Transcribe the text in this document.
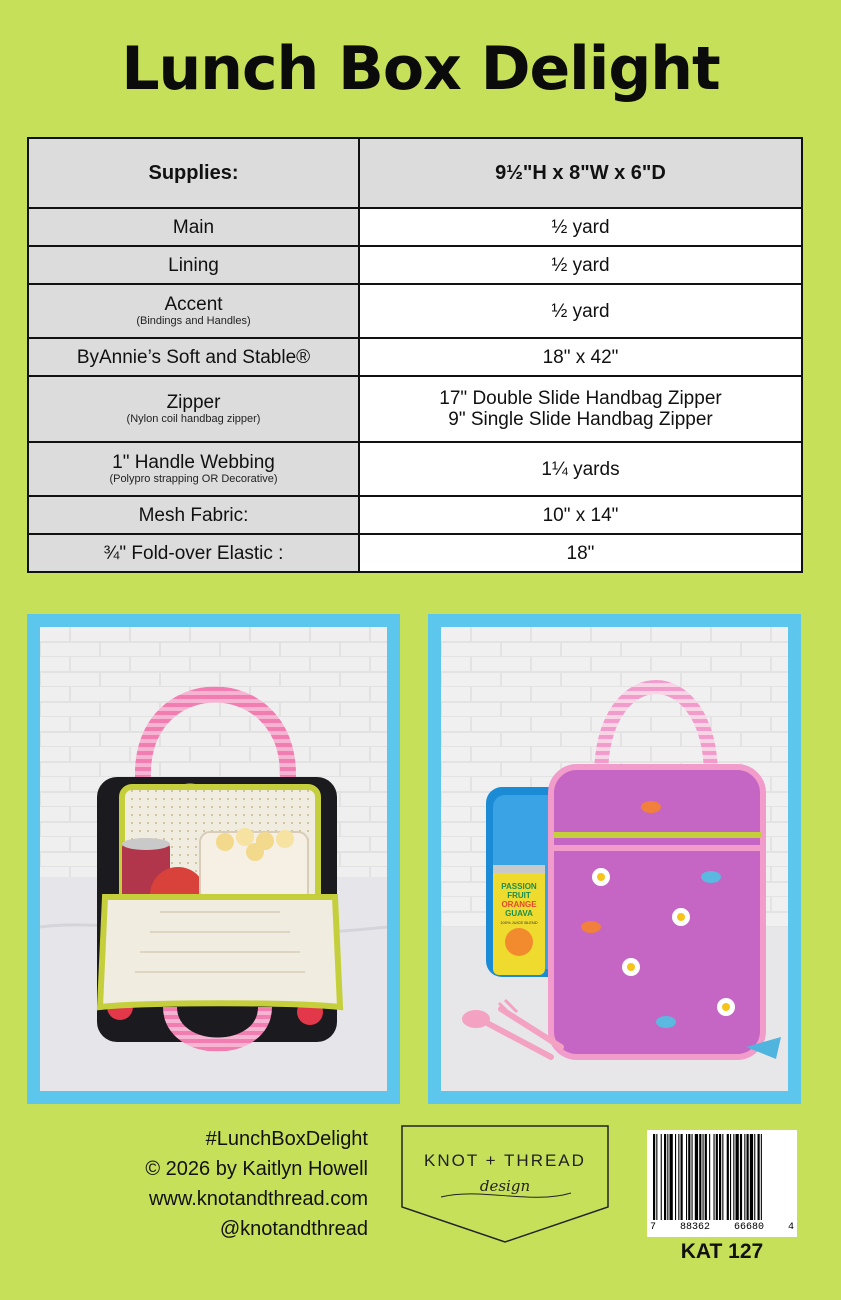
Lunch Box Delight
Supplies:	9½"H x 8"W x 6"D

Main	½ yard

Lining	½ yard

Accent
(Bindings and Handles)	½ yard

ByAnnie’s Soft and Stable®	18" x 42"

Zipper
(Nylon coil handbag zipper)	17" Double Slide Handbag Zipper
9" Single Slide Handbag Zipper

1" Handle Webbing
(Polypro strapping OR Decorative)	1¼ yards

Mesh Fabric:	10" x 14"

¾" Fold-over Elastic :	18"
PASSION
FRUIT
ORANGE
GUAVA
100% JUICE BLEND
#LunchBoxDelight
© 2026 by Kaitlyn Howell
www.knotandthread.com
@knotandthread
KNOT + THREAD
design
7 88362 66680 4
KAT 127
